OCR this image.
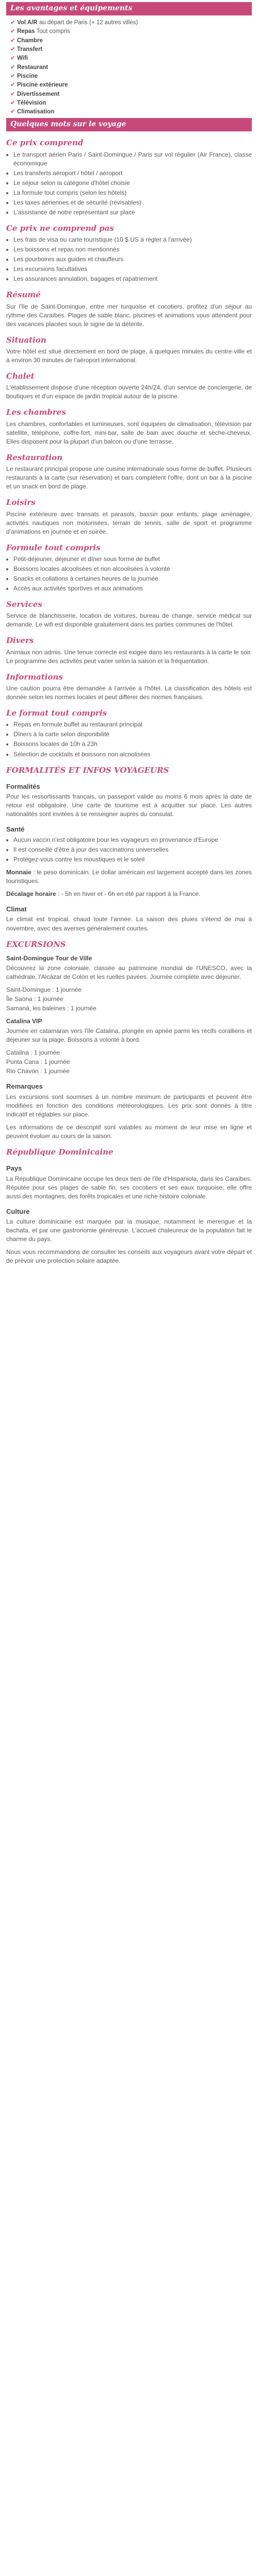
Les avantages et équipements
✔ Vol A/R au départ de Paris (+ 12 autres villes)
✔ Repas Tout compris
✔ Chambre
✔ Transfert
✔ Wifi
✔ Restaurant
✔ Piscine
✔ Piscine extérieure
✔ Divertissement
✔ Télévision
✔ Climatisation
Quelques mots sur le voyage
Ce prix comprend
• Le transport aérien Paris / Saint-Domingue / Paris sur vol régulier (Air France), classe économique
• Les transferts aéroport / hôtel / aéroport
• Le séjour selon la catégorie d'hôtel choisie
• La formule tout compris (selon les hôtels)
• Les taxes aériennes et de sécurité (révisables)
• L'assistance de notre représentant sur place
Ce prix ne comprend pas
• Les frais de visa ou carte touristique (10 $ US à régler à l'arrivée)
• Les boissons et repas non mentionnés
• Les pourboires aux guides et chauffeurs
• Les excursions facultatives
• Les assurances annulation, bagages et rapatriement
Résumé

Sur l'île de Saint-Domingue, entre mer turquoise et cocotiers, profitez d'un séjour au rythme des Caraïbes. Plages de sable blanc, piscines et animations vous attendent pour des vacances placées sous le signe de la détente.

Situation

Votre hôtel est situé directement en bord de plage, à quelques minutes du centre-ville et à environ 30 minutes de l'aéroport international.

Chalet

L'établissement dispose d'une réception ouverte 24h/24, d'un service de conciergerie, de boutiques et d'un espace de jardin tropical autour de la piscine.

Les chambres

Les chambres, confortables et lumineuses, sont équipées de climatisation, télévision par satellite, téléphone, coffre-fort, mini-bar, salle de bain avec douche et sèche-cheveux. Elles disposent pour la plupart d'un balcon ou d'une terrasse.

Restauration

Le restaurant principal propose une cuisine internationale sous forme de buffet. Plusieurs restaurants à la carte (sur réservation) et bars complètent l'offre, dont un bar à la piscine et un snack en bord de plage.

Loisirs

Piscine extérieure avec transats et parasols, bassin pour enfants, plage aménagée, activités nautiques non motorisées, terrain de tennis, salle de sport et programme d'animations en journée et en soirée.

Formule tout compris
• Petit-déjeuner, déjeuner et dîner sous forme de buffet
• Boissons locales alcoolisées et non alcoolisées à volonté
• Snacks et collations à certaines heures de la journée
• Accès aux activités sportives et aux animations
Services

Service de blanchisserie, location de voitures, bureau de change, service médical sur demande. Le wifi est disponible gratuitement dans les parties communes de l'hôtel.

Divers

Animaux non admis. Une tenue correcte est exigée dans les restaurants à la carte le soir. Le programme des activités peut varier selon la saison et la fréquentation.

Informations

Une caution pourra être demandée à l'arrivée à l'hôtel. La classification des hôtels est donnée selon les normes locales et peut différer des normes françaises.

Le format tout compris
• Repas en formule buffet au restaurant principal
• Dîners à la carte selon disponibilité
• Boissons locales de 10h à 23h
• Sélection de cocktails et boissons non alcoolisées
FORMALITÉS ET INFOS VOYAGEURS
Formalités

Pour les ressortissants français, un passeport valide au moins 6 mois après la date de retour est obligatoire. Une carte de tourisme est à acquitter sur place. Les autres nationalités sont invitées à se renseigner auprès du consulat.

Santé
• Aucun vaccin n'est obligatoire pour les voyageurs en provenance d'Europe
• Il est conseillé d'être à jour des vaccinations universelles
• Protégez-vous contre les moustiques et le soleil

Monnaie : le peso dominicain. Le dollar américain est largement accepté dans les zones touristiques.

Décalage horaire : - 5h en hiver et - 6h en été par rapport à la France.

Climat

Le climat est tropical, chaud toute l'année. La saison des pluies s'étend de mai à novembre, avec des averses généralement courtes.

EXCURSIONS
Saint-Domingue Tour de Ville

Découvrez la zone coloniale, classée au patrimoine mondial de l'UNESCO, avec la cathédrale, l'Alcázar de Colón et les ruelles pavées. Journée complète avec déjeuner.

Saint-Domingue : 1 journée

Île Saona : 1 journée

Samaná, les baleines : 1 journée

Catalina VIP

Journée en catamaran vers l'île Catalina, plongée en apnée parmi les récifs coralliens et déjeuner sur la plage. Boissons à volonté à bord.

Catalina : 1 journée

Punta Cana : 1 journée

Rio Chavón : 1 journée

Remarques

Les excursions sont soumises à un nombre minimum de participants et peuvent être modifiées en fonction des conditions météorologiques. Les prix sont donnés à titre indicatif et réglables sur place.

Les informations de ce descriptif sont valables au moment de leur mise en ligne et peuvent évoluer au cours de la saison.

République Dominicaine
Pays

La République Dominicaine occupe les deux tiers de l'île d'Hispaniola, dans les Caraïbes. Réputée pour ses plages de sable fin, ses cocotiers et ses eaux turquoise, elle offre aussi des montagnes, des forêts tropicales et une riche histoire coloniale.

Culture

La culture dominicaine est marquée par la musique, notamment le merengue et la bachata, et par une gastronomie généreuse. L'accueil chaleureux de la population fait le charme du pays.

Nous vous recommandons de consulter les conseils aux voyageurs avant votre départ et de prévoir une protection solaire adaptée.
